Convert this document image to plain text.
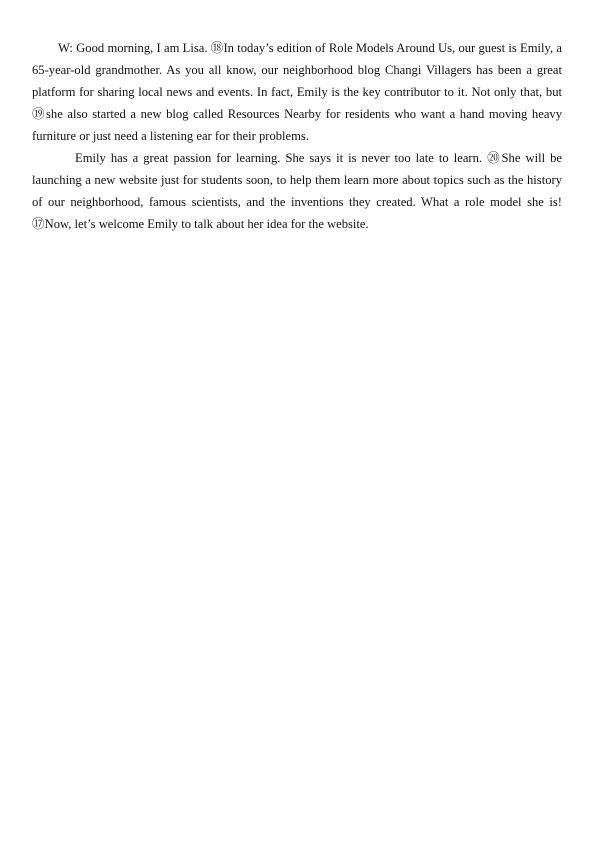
W: Good morning, I am Lisa. ⑱In today’s edition of Role Models Around Us, our guest is Emily, a 65-year-old grandmother. As you all know, our neighborhood blog Changi Villagers has been a great platform for sharing local news and events. In fact, Emily is the key contributor to it. Not only that, but ⑲she also started a new blog called Resources Nearby for residents who want a hand moving heavy furniture or just need a listening ear for their problems.

Emily has a great passion for learning. She says it is never too late to learn. ⑳She will be launching a new website just for students soon, to help them learn more about topics such as the history of our neighborhood, famous scientists, and the inventions they created. What a role model she is! ⑰Now, let’s welcome Emily to talk about her idea for the website.
